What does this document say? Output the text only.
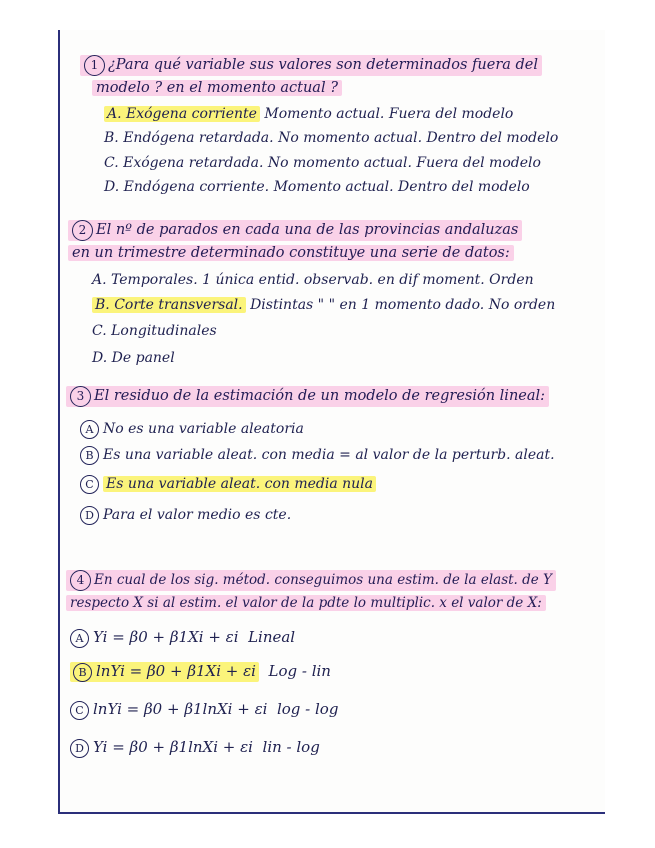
1 ¿Para qué variable sus valores son determinados fuera del
modelo ? en el momento actual ?
A. Exógena corriente Momento actual. Fuera del modelo
B. Endógena retardada. No momento actual. Dentro del modelo
C. Exógena retardada. No momento actual. Fuera del modelo
D. Endógena corriente. Momento actual. Dentro del modelo
2 El nº de parados en cada una de las provincias andaluzas
en un trimestre determinado constituye una serie de datos:
A. Temporales. 1 única entid. observab. en dif moment. Orden
B. Corte transversal. Distintas " " en 1 momento dado. No orden
C. Longitudinales
D. De panel
3 El residuo de la estimación de un modelo de regresión lineal:
A No es una variable aleatoria
B Es una variable aleat. con media = al valor de la perturb. aleat.
C Es una variable aleat. con media nula
D Para el valor medio es cte.
4 En cual de los sig. métod. conseguimos una estim. de la elast. de Y
respecto X si al estim. el valor de la pdte lo multiplic. x el valor de X:
A Yi = β0 + β1Xi + εi Lineal
B lnYi = β0 + β1Xi + εi Log - lin
C lnYi = β0 + β1lnXi + εi log - log
D Yi = β0 + β1lnXi + εi lin - log
